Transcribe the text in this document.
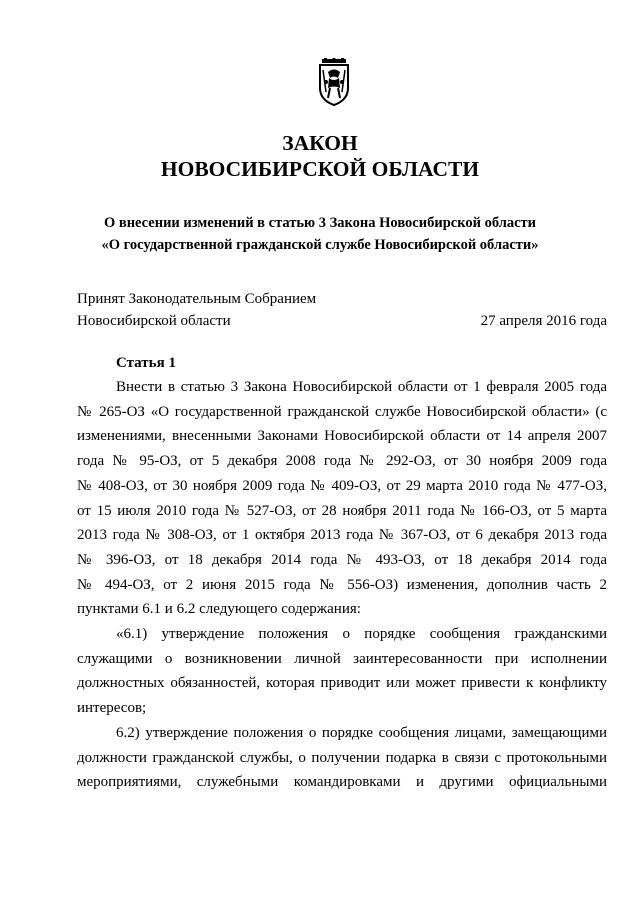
ЗАКОН
НОВОСИБИРСКОЙ ОБЛАСТИ
О внесении изменений в статью 3 Закона Новосибирской области
«О государственной гражданской службе Новосибирской области»
Принят Законодательным Собранием
Новосибирской области	27 апреля 2016 года
Статья 1

Внести в статью 3 Закона Новосибирской области от 1 февраля 2005 года
№ 265-ОЗ «О государственной гражданской службе Новосибирской области» (с
изменениями, внесенными Законами Новосибирской области от 14 апреля 2007
года № 95-ОЗ, от 5 декабря 2008 года № 292-ОЗ, от 30 ноября 2009 года
№ 408-ОЗ, от 30 ноября 2009 года № 409-ОЗ, от 29 марта 2010 года № 477-ОЗ,
от 15 июля 2010 года № 527-ОЗ, от 28 ноября 2011 года № 166-ОЗ, от 5 марта
2013 года № 308-ОЗ, от 1 октября 2013 года № 367-ОЗ, от 6 декабря 2013 года
№ 396-ОЗ, от 18 декабря 2014 года № 493-ОЗ, от 18 декабря 2014 года
№ 494-ОЗ, от 2 июня 2015 года № 556-ОЗ) изменения, дополнив часть 2
пунктами 6.1 и 6.2 следующего содержания:

«6.1) утверждение положения о порядке сообщения гражданскими
служащими о возникновении личной заинтересованности при исполнении
должностных обязанностей, которая приводит или может привести к конфликту
интересов;

6.2) утверждение положения о порядке сообщения лицами, замещающими
должности гражданской службы, о получении подарка в связи с протокольными
мероприятиями, служебными командировками и другими официальными
